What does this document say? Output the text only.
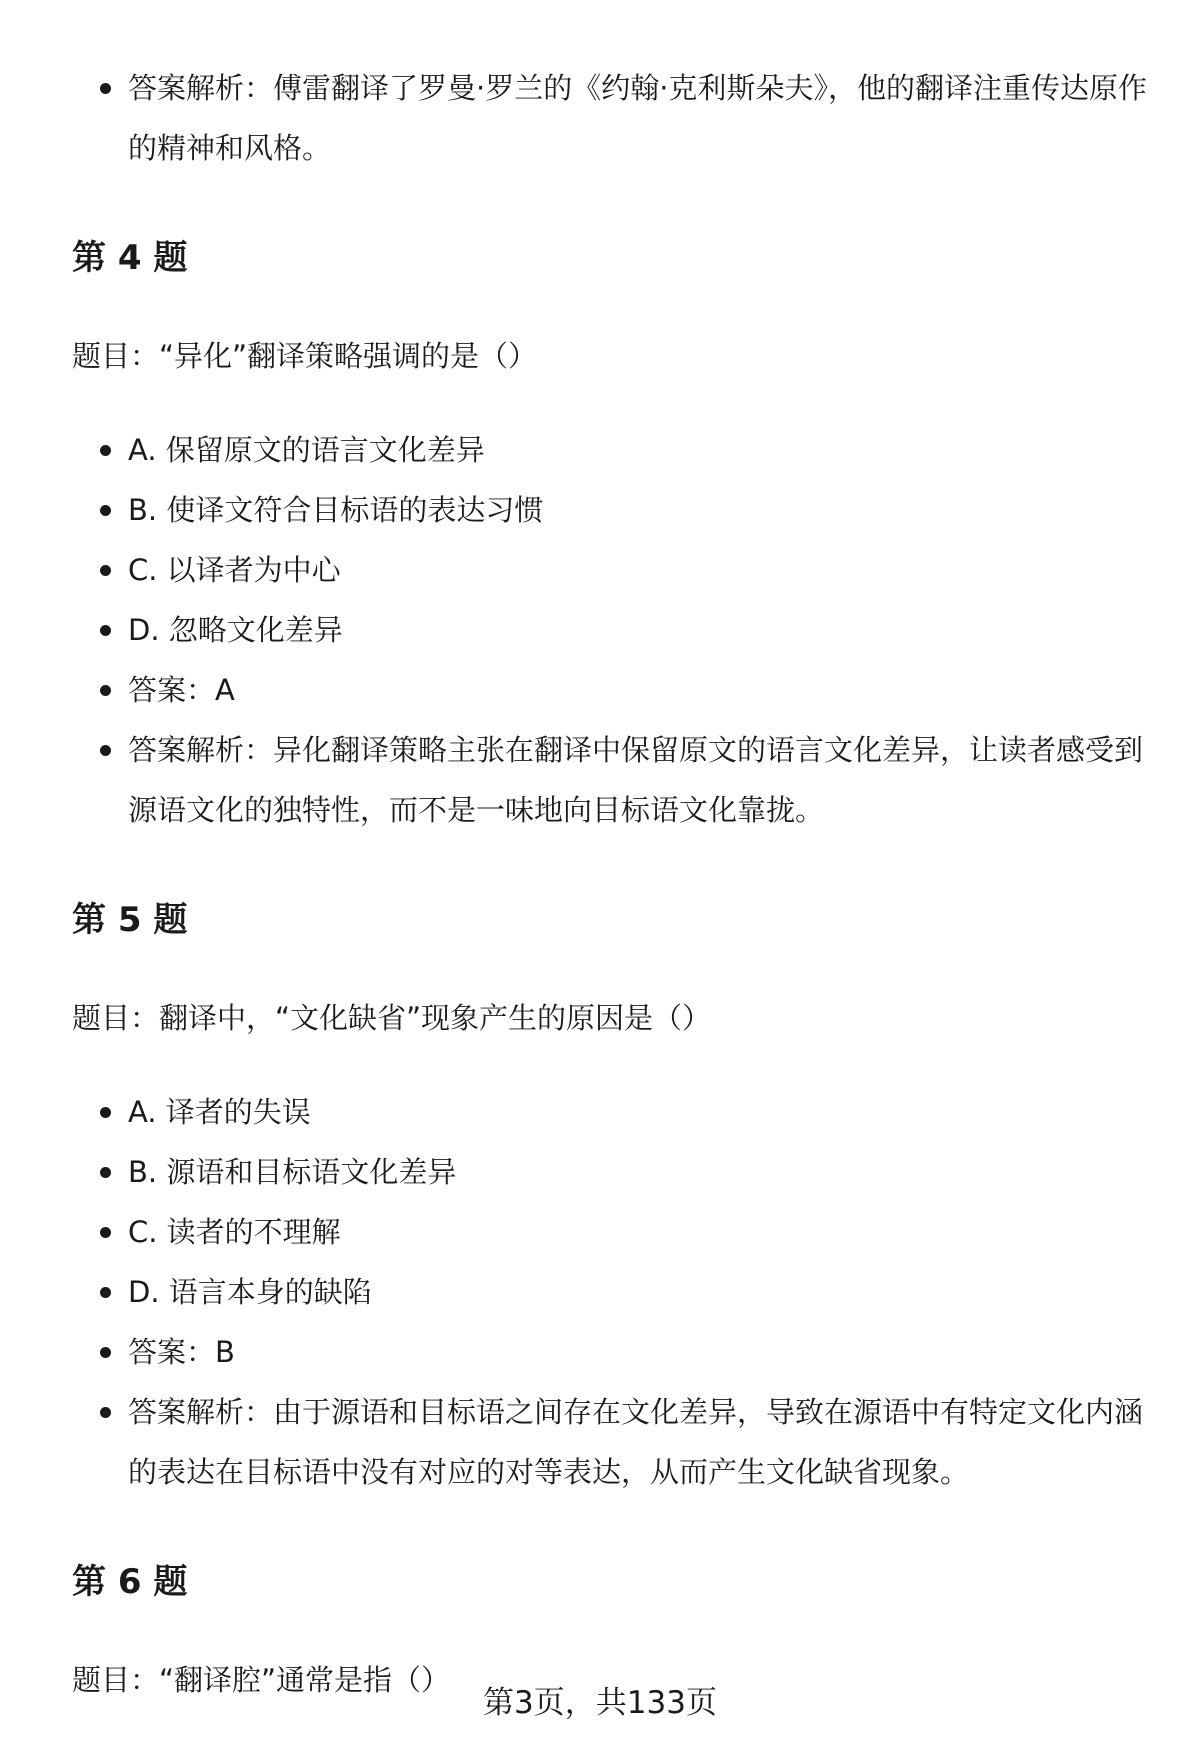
答案解析：傅雷翻译了罗曼·罗兰的《约翰·克利斯朵夫》，他的翻译注重传达原作的精神和风格。
第 4 题
题目：“异化”翻译策略强调的是（）
A. 保留原文的语言文化差异
B. 使译文符合目标语的表达习惯
C. 以译者为中心
D. 忽略文化差异
答案：A
答案解析：异化翻译策略主张在翻译中保留原文的语言文化差异，让读者感受到源语文化的独特性，而不是一味地向目标语文化靠拢。
第 5 题
题目：翻译中，“文化缺省”现象产生的原因是（）
A. 译者的失误
B. 源语和目标语文化差异
C. 读者的不理解
D. 语言本身的缺陷
答案：B
答案解析：由于源语和目标语之间存在文化差异，导致在源语中有特定文化内涵的表达在目标语中没有对应的对等表达，从而产生文化缺省现象。
第 6 题
题目：“翻译腔”通常是指（）
第3页，共133页
